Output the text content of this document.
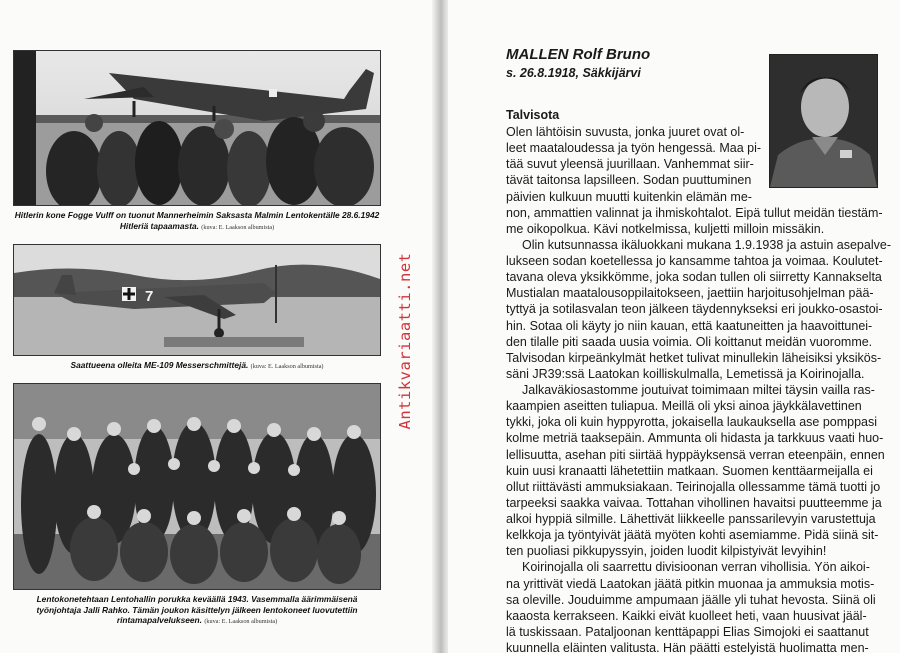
Hitlerin kone Fogge Vulff on tuonut Mannerheimin Saksasta Malmin Lentokentälle 28.6.1942 Hitleriä tapaamasta. (kuva: E. Laakson albumista)
7
Saattueena olleita ME-109 Messerschmittejä. (kuva: E. Laakson albumista)
Lentokonetehtaan Lentohallin porukka keväällä 1943. Vasemmalla äärimmäisenä työnjohtaja Jalli Rahko. Tämän joukon käsittelyn jälkeen lentokoneet luovutettiin rintamapalvelukseen. (kuva: E. Laakson albumista)
Antikvariaatti.net
MALLEN Rolf Bruno
s. 26.8.1918, Säkkijärvi
Talvisota
Olen lähtöisin suvusta, jonka juuret ovat ol-
leet maataloudessa ja työn hengessä. Maa pi-
tää suvut yleensä juurillaan. Vanhemmat siir-
tävät taitonsa lapsilleen. Sodan puuttuminen
päivien kulkuun muutti kuitenkin elämän me-
non, ammattien valinnat ja ihmiskohtalot. Eipä tullut meidän tiestäm-
me oikopolkua. Kävi notkelmissa, kuljetti milloin missäkin.
Olin kutsunnassa ikäluokkani mukana 1.9.1938 ja astuin asepalve-
lukseen sodan koetellessa jo kansamme tahtoa ja voimaa. Koulutet-
tavana oleva yksikkömme, joka sodan tullen oli siirretty Kannakselta
Mustialan maatalousoppilaitokseen, jaettiin harjoitusohjelman pää-
tyttyä ja sotilasvalan teon jälkeen täydennykseksi eri joukko-osastoi-
hin. Sotaa oli käyty jo niin kauan, että kaatuneitten ja haavoittunei-
den tilalle piti saada uusia voimia. Oli koittanut meidän vuoromme.
Talvisodan kirpeänkylmät hetket tulivat minullekin läheisiksi yksikös-
säni JR39:ssä Laatokan koilliskulmalla, Lemetissä ja Koirinojalla.
Jalkaväkiosastomme joutuivat toimimaan miltei täysin vailla ras-
kaampien aseitten tuliapua. Meillä oli yksi ainoa jäykkälavettinen
tykki, joka oli kuin hyppyrotta, jokaisella laukauksella ase pomppasi
kolme metriä taaksepäin. Ammunta oli hidasta ja tarkkuus vaati huo-
lellisuutta, asehan piti siirtää hyppäyksensä verran eteenpäin, ennen
kuin uusi kranaatti lähetettiin matkaan. Suomen kenttäarmeijalla ei
ollut riittävästi ammuksiakaan. Teirinojalla ollessamme tämä tuotti jo
tarpeeksi saakka vaivaa. Tottahan vihollinen havaitsi puutteemme ja
alkoi hyppiä silmille. Lähettivät liikkeelle panssarilevyin varustettuja
kelkkoja ja työntyivät jäätä myöten kohti asemiamme. Pidä siinä sit-
ten puoliasi pikkupyssyin, joiden luodit kilpistyivät levyihin!
Koirinojalla oli saarrettu divisioonan verran vihollisia. Yön aikoi-
na yrittivät viedä Laatokan jäätä pitkin muonaa ja ammuksia motis-
sa oleville. Jouduimme ampumaan jäälle yli tuhat hevosta. Siinä oli
kaaosta kerrakseen. Kaikki eivät kuolleet heti, vaan huusivat jääl-
lä tuskissaan. Pataljoonan kenttäpappi Elias Simojoki ei saattanut
kuunnella eläinten valitusta. Hän päätti estelyistä huolimatta men-
